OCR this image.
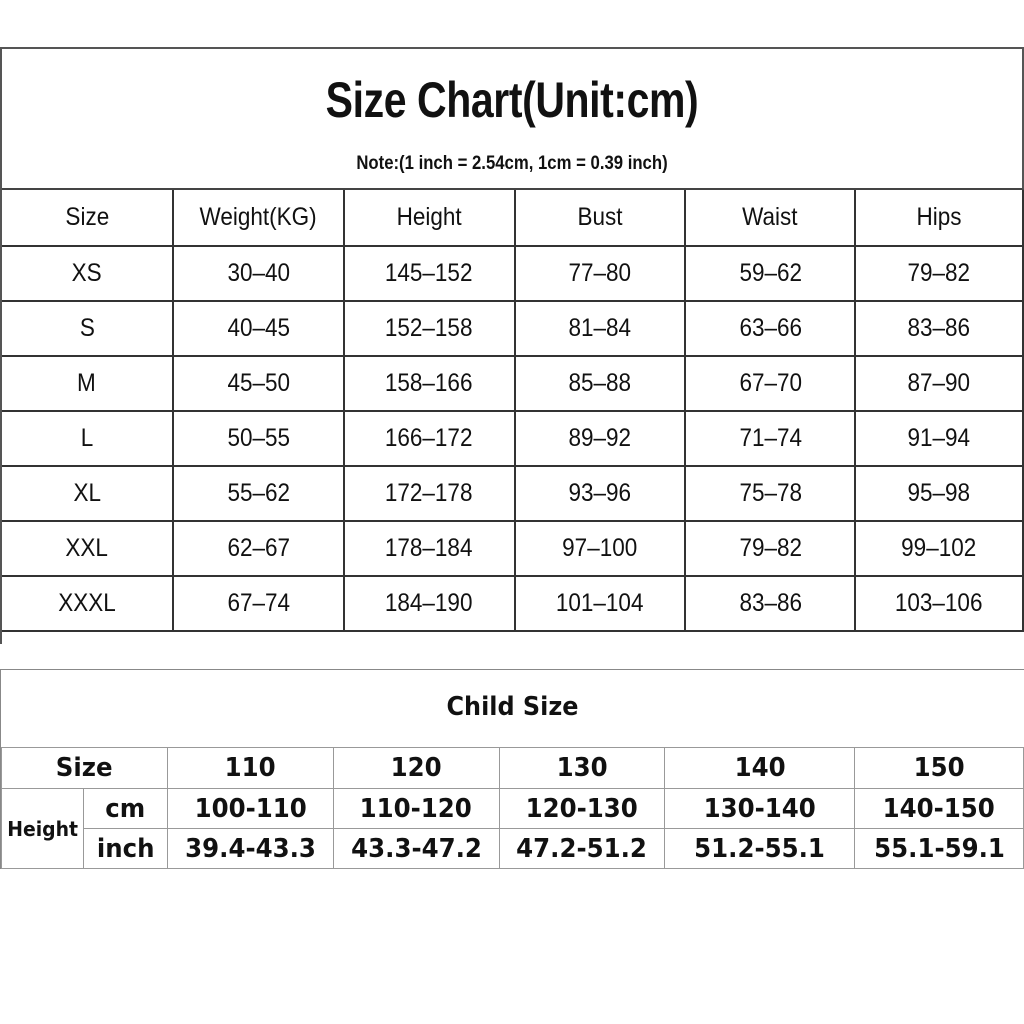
Size Chart(Unit:cm)
Note:(1 inch = 2.54cm, 1cm = 0.39 inch)
Size	Weight(KG)	Height	Bust	Waist	Hips
XS	30–40	145–152	77–80	59–62	79–82
S	40–45	152–158	81–84	63–66	83–86
M	45–50	158–166	85–88	67–70	87–90
L	50–55	166–172	89–92	71–74	91–94
XL	55–62	172–178	93–96	75–78	95–98
XXL	62–67	178–184	97–100	79–82	99–102
XXXL	67–74	184–190	101–104	83–86	103–106
Child Size
Size		110	120	130	140	150
Height	cm	100-110	110-120	120-130	130-140	140-150
	inch	39.4-43.3	43.3-47.2	47.2-51.2	51.2-55.1	55.1-59.1
